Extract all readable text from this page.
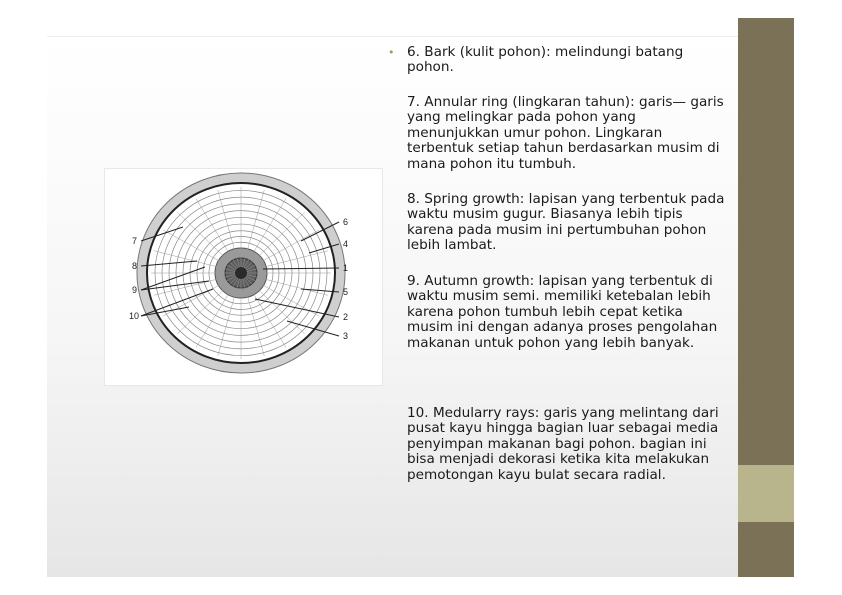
7
8
9
10
6
4
1
5
2
3
• 6. Bark (kulit pohon): melindungi batang pohon.

7. Annular ring (lingkaran tahun): garis— garis yang melingkar pada pohon yang menunjukkan umur pohon. Lingkaran terbentuk setiap tahun berdasarkan musim di mana pohon itu tumbuh.

8. Spring growth: lapisan yang terbentuk pada waktu musim gugur. Biasanya lebih tipis karena pada musim ini pertumbuhan pohon lebih lambat.

9. Autumn growth: lapisan yang terbentuk di waktu musim semi. memiliki ketebalan lebih karena pohon tumbuh lebih cepat ketika musim ini dengan adanya proses pengolahan makanan untuk pohon yang lebih banyak.

10. Medularry rays: garis yang melintang dari pusat kayu hingga bagian luar sebagai media penyimpan makanan bagi pohon. bagian ini bisa menjadi dekorasi ketika kita melakukan pemotongan kayu bulat secara radial.
